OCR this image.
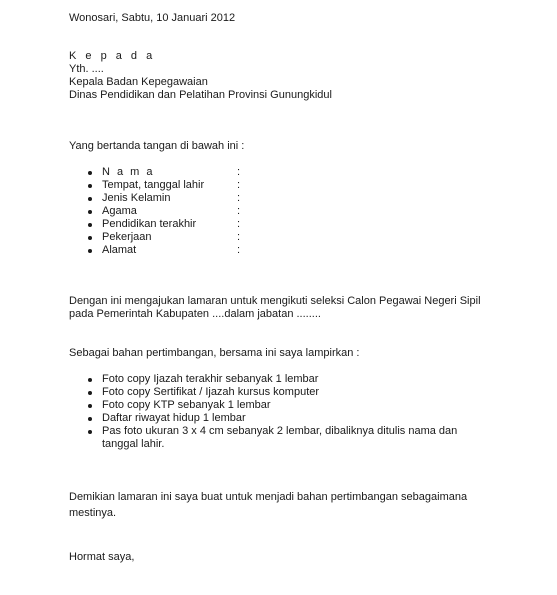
Wonosari, Sabtu, 10 Januari 2012
K e p a d a
Yth. ....
Kepala Badan Kepegawaian
Dinas Pendidikan dan Pelatihan Provinsi Gunungkidul
Yang bertanda tangan di bawah ini :
N a m a	:
Tempat, tanggal lahir	:
Jenis Kelamin	:
Agama	:
Pendidikan terakhir	:
Pekerjaan	:
Alamat	:
Dengan ini mengajukan lamaran untuk mengikuti seleksi Calon Pegawai Negeri Sipil
pada Pemerintah Kabupaten ....dalam jabatan ........
Sebagai bahan pertimbangan, bersama ini saya lampirkan :
Foto copy Ijazah terakhir sebanyak 1 lembar
Foto copy Sertifikat / Ijazah kursus komputer
Foto copy KTP sebanyak 1 lembar
Daftar riwayat hidup 1 lembar
Pas foto ukuran 3 x 4 cm sebanyak 2 lembar, dibaliknya ditulis nama dan
tanggal lahir.
Demikian lamaran ini saya buat untuk menjadi bahan pertimbangan sebagaimana
mestinya.
Hormat saya,
